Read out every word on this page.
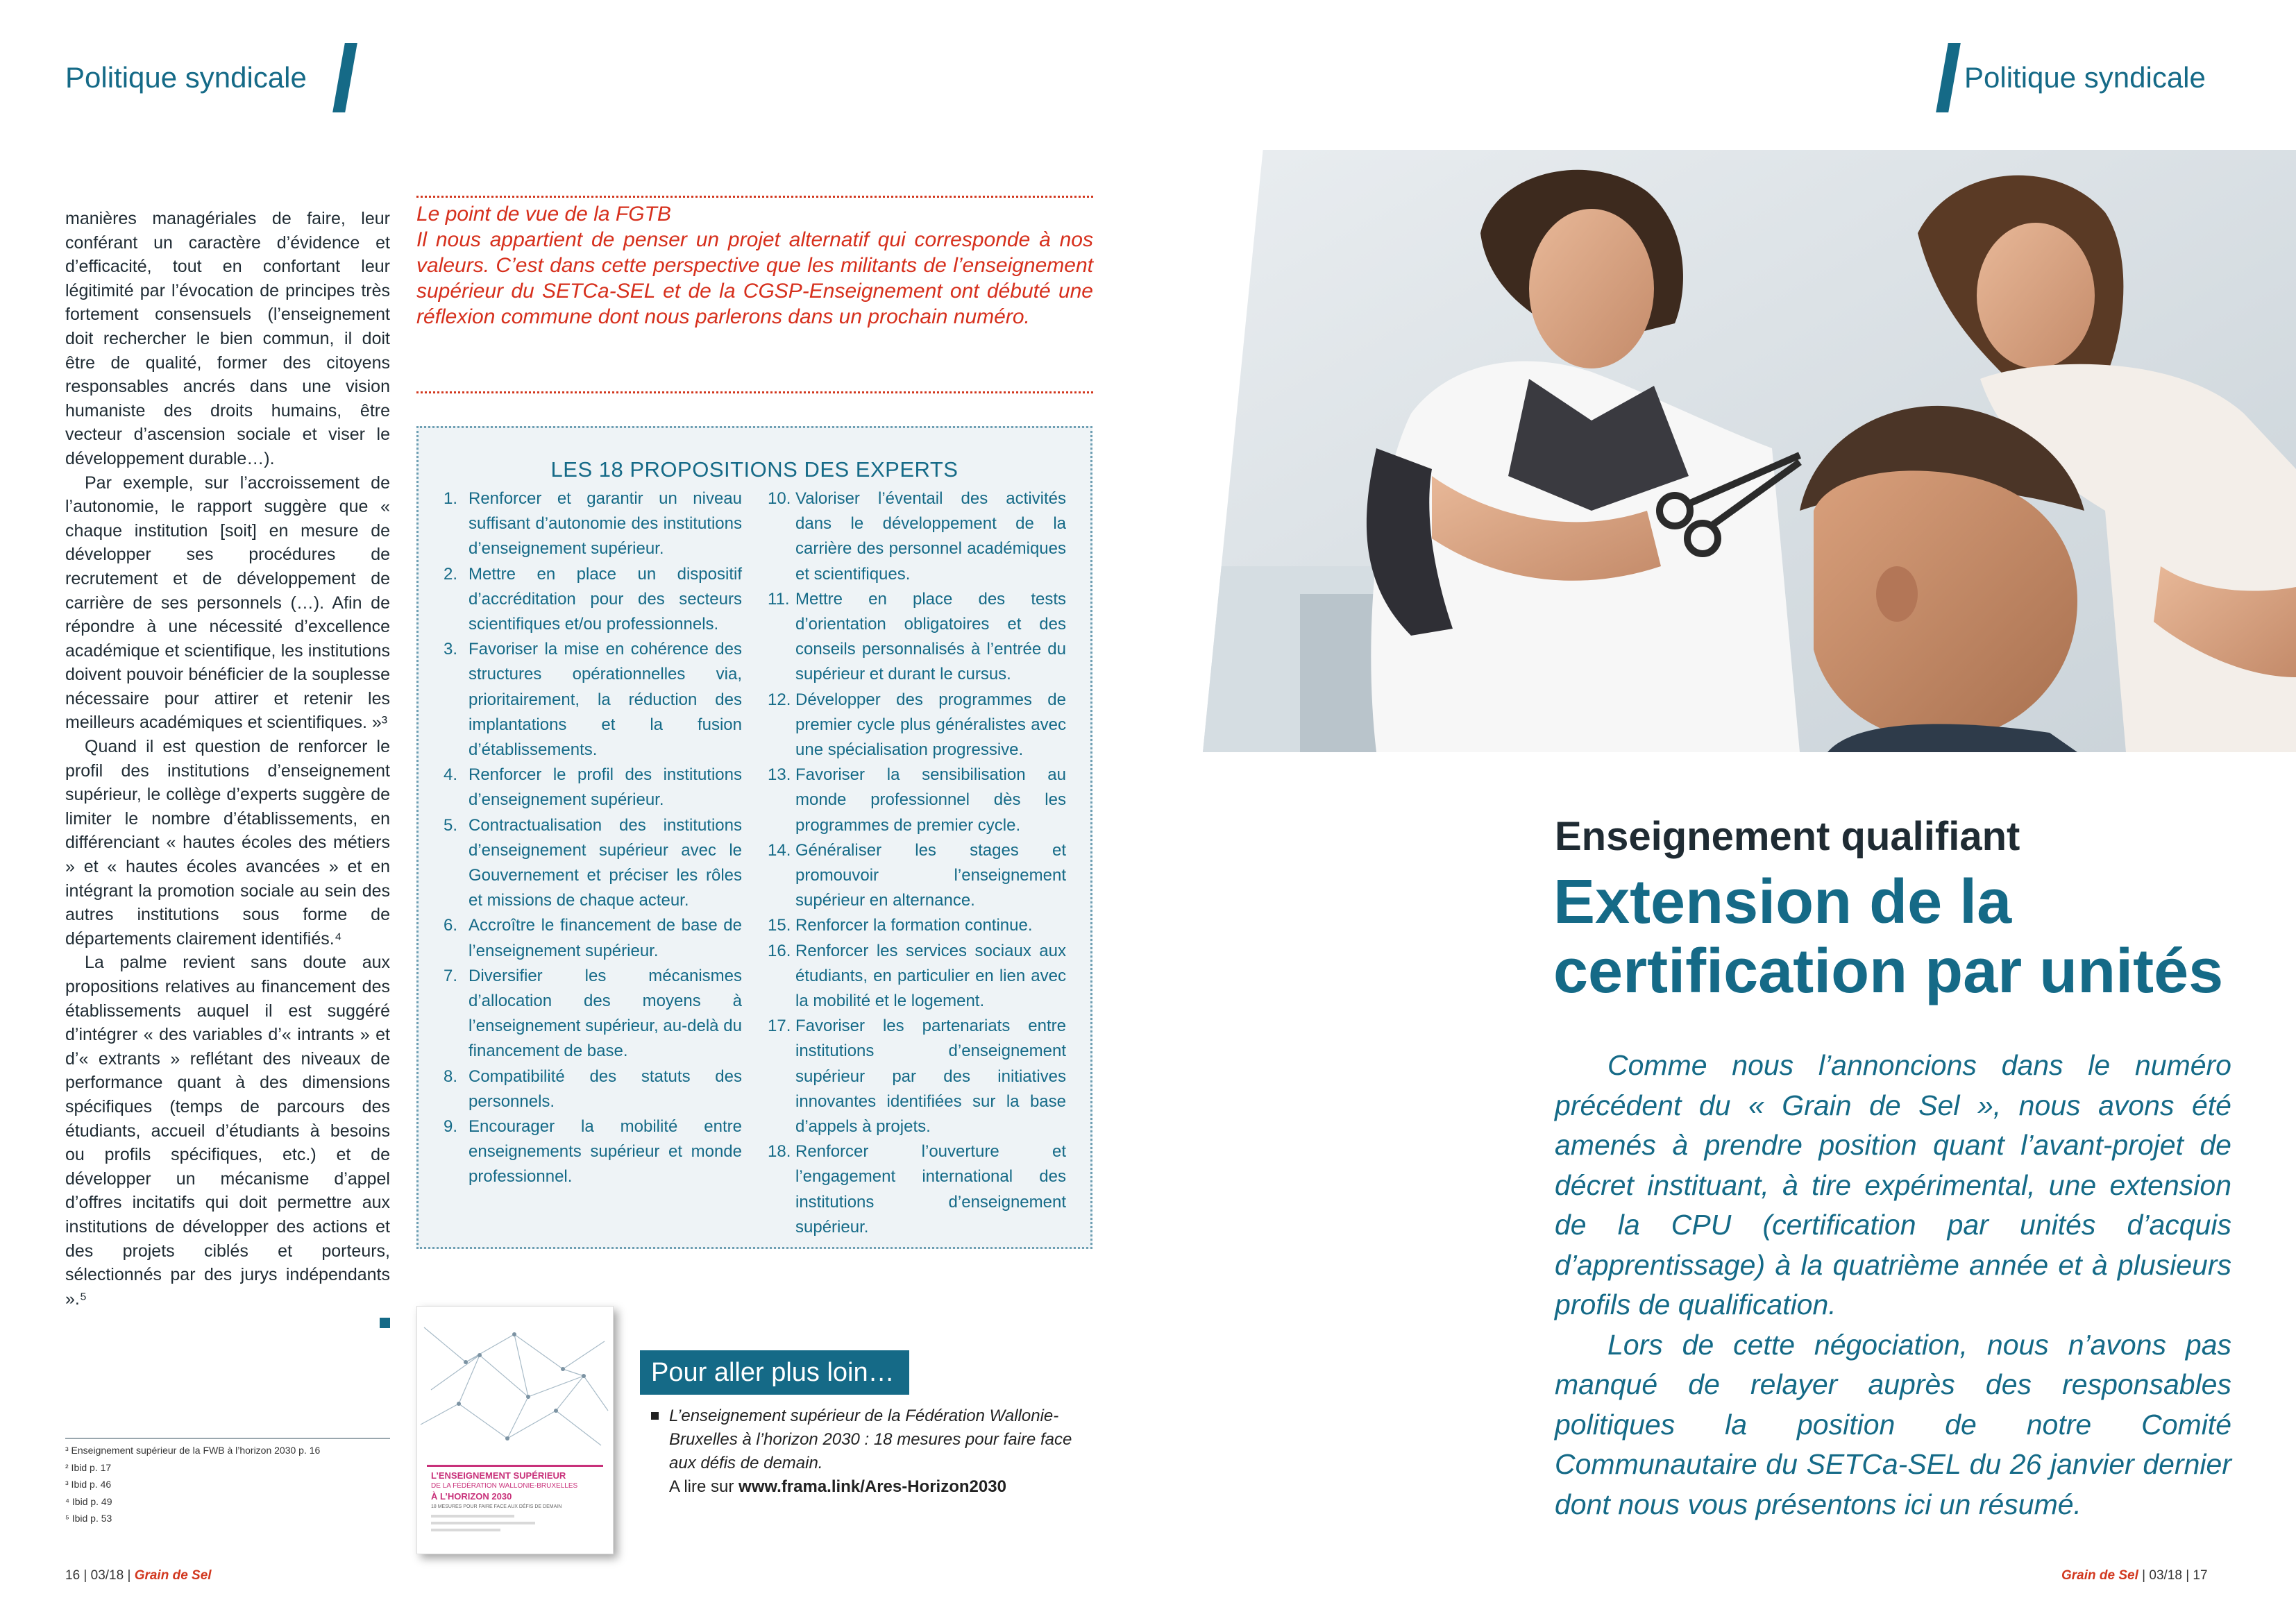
Politique syndicale

manières managériales de faire, leur conférant un caractère d’évidence et d’efficacité, tout en confortant leur légitimité par l’évocation de principes très fortement consensuels (l’enseignement doit rechercher le bien commun, il doit être de qualité, former des citoyens responsables ancrés dans une vision humaniste des droits humains, être vecteur d’ascension sociale et viser le développement durable…).

Par exemple, sur l’accroissement de l’autonomie, le rapport suggère que « chaque institution [soit] en mesure de développer ses procédures de recrutement et de développement de carrière de ses personnels (…). Afin de répondre à une nécessité d’excellence académique et scientifique, les institutions doivent pouvoir bénéficier de la souplesse nécessaire pour attirer et retenir les meilleurs académiques et scientifiques. »³

Quand il est question de renforcer le profil des institutions d’enseignement supérieur, le collège d’experts suggère de limiter le nombre d’établissements, en différenciant « hautes écoles des métiers » et « hautes écoles avancées » et en intégrant la promotion sociale au sein des autres institutions sous forme de départements clairement identifiés.⁴

La palme revient sans doute aux propositions relatives au financement des établissements auquel il est suggéré d’intégrer « des variables d’« intrants » et d’« extrants » reflétant des niveaux de performance quant à des dimensions spécifiques (temps de parcours des étudiants, accueil d’étudiants à besoins ou profils spécifiques, etc.) et de développer un mécanisme d’appel d’offres incitatifs qui doit permettre aux institutions de développer des actions et des projets ciblés et porteurs, sélectionnés par des jurys indépendants ».⁵

³ Enseignement supérieur de la FWB à l’horizon 2030 p. 16
² Ibid p. 17
³ Ibid p. 46
⁴ Ibid p. 49
⁵ Ibid p. 53

Le point de vue de la FGTB

Il nous appartient de penser un projet alternatif qui corresponde à nos valeurs. C’est dans cette perspective que les militants de l’enseignement supérieur du SETCa-SEL et de la CGSP-Enseignement ont débuté une réflexion commune dont nous parlerons dans un prochain numéro.

LES 18 PROPOSITIONS DES EXPERTS
1. Renforcer et garantir un niveau suffisant d’autonomie des institutions d’enseignement supérieur.
2. Mettre en place un dispositif d’accréditation pour des secteurs scientifiques et/ou professionnels.
3. Favoriser la mise en cohérence des structures opérationnelles via, prioritairement, la réduction des implantations et la fusion d’établissements.
4. Renforcer le profil des institutions d’enseignement supérieur.
5. Contractualisation des institutions d’enseignement supérieur avec le Gouvernement et préciser les rôles et missions de chaque acteur.
6. Accroître le financement de base de l’enseignement supérieur.
7. Diversifier les mécanismes d’allocation des moyens à l’enseignement supérieur, au-delà du financement de base.
8. Compatibilité des statuts des personnels.
9. Encourager la mobilité entre enseignements supérieur et monde professionnel.
10. Valoriser l’éventail des activités dans le développement de la carrière des personnel académiques et scientifiques.
11. Mettre en place des tests d’orientation obligatoires et des conseils personnalisés à l’entrée du supérieur et durant le cursus.
12. Développer des programmes de premier cycle plus généralistes avec une spécialisation progressive.
13. Favoriser la sensibilisation au monde professionnel dès les programmes de premier cycle.
14. Généraliser les stages et promouvoir l’enseignement supérieur en alternance.
15. Renforcer la formation continue.
16. Renforcer les services sociaux aux étudiants, en particulier en lien avec la mobilité et le logement.
17. Favoriser les partenariats entre institutions d’enseignement supérieur par des initiatives innovantes identifiées sur la base d’appels à projets.
18. Renforcer l’ouverture et l’engagement international des institutions d’enseignement supérieur.
L’ENSEIGNEMENT SUPÉRIEUR
DE LA FÉDÉRATION WALLONIE-BRUXELLES
À L’HORIZON 2030
18 MESURES POUR FAIRE FACE AUX DÉFIS DE DEMAIN
Pour aller plus loin…
L’enseignement supérieur de la Fédération Wallonie-Bruxelles à l’horizon 2030 : 18 mesures pour faire face aux défis de demain.
A lire sur www.frama.link/Ares-Horizon2030
16 | 03/18 | Grain de Sel
Politique syndicale
Enseignement qualifiant
Extension de la
certification par unités

Comme nous l’annoncions dans le numéro précédent du « Grain de Sel », nous avons été amenés à prendre position quant l’avant-projet de décret instituant, à tire expérimental, une extension de la CPU (certification par unités d’acquis d’apprentissage) à la quatrième année et à plusieurs profils de qualification.

Lors de cette négociation, nous n’avons pas manqué de relayer auprès des responsables politiques la position de notre Comité Communautaire du SETCa-SEL du 26 janvier dernier dont nous vous présentons ici un résumé.

Grain de Sel | 03/18 | 17
